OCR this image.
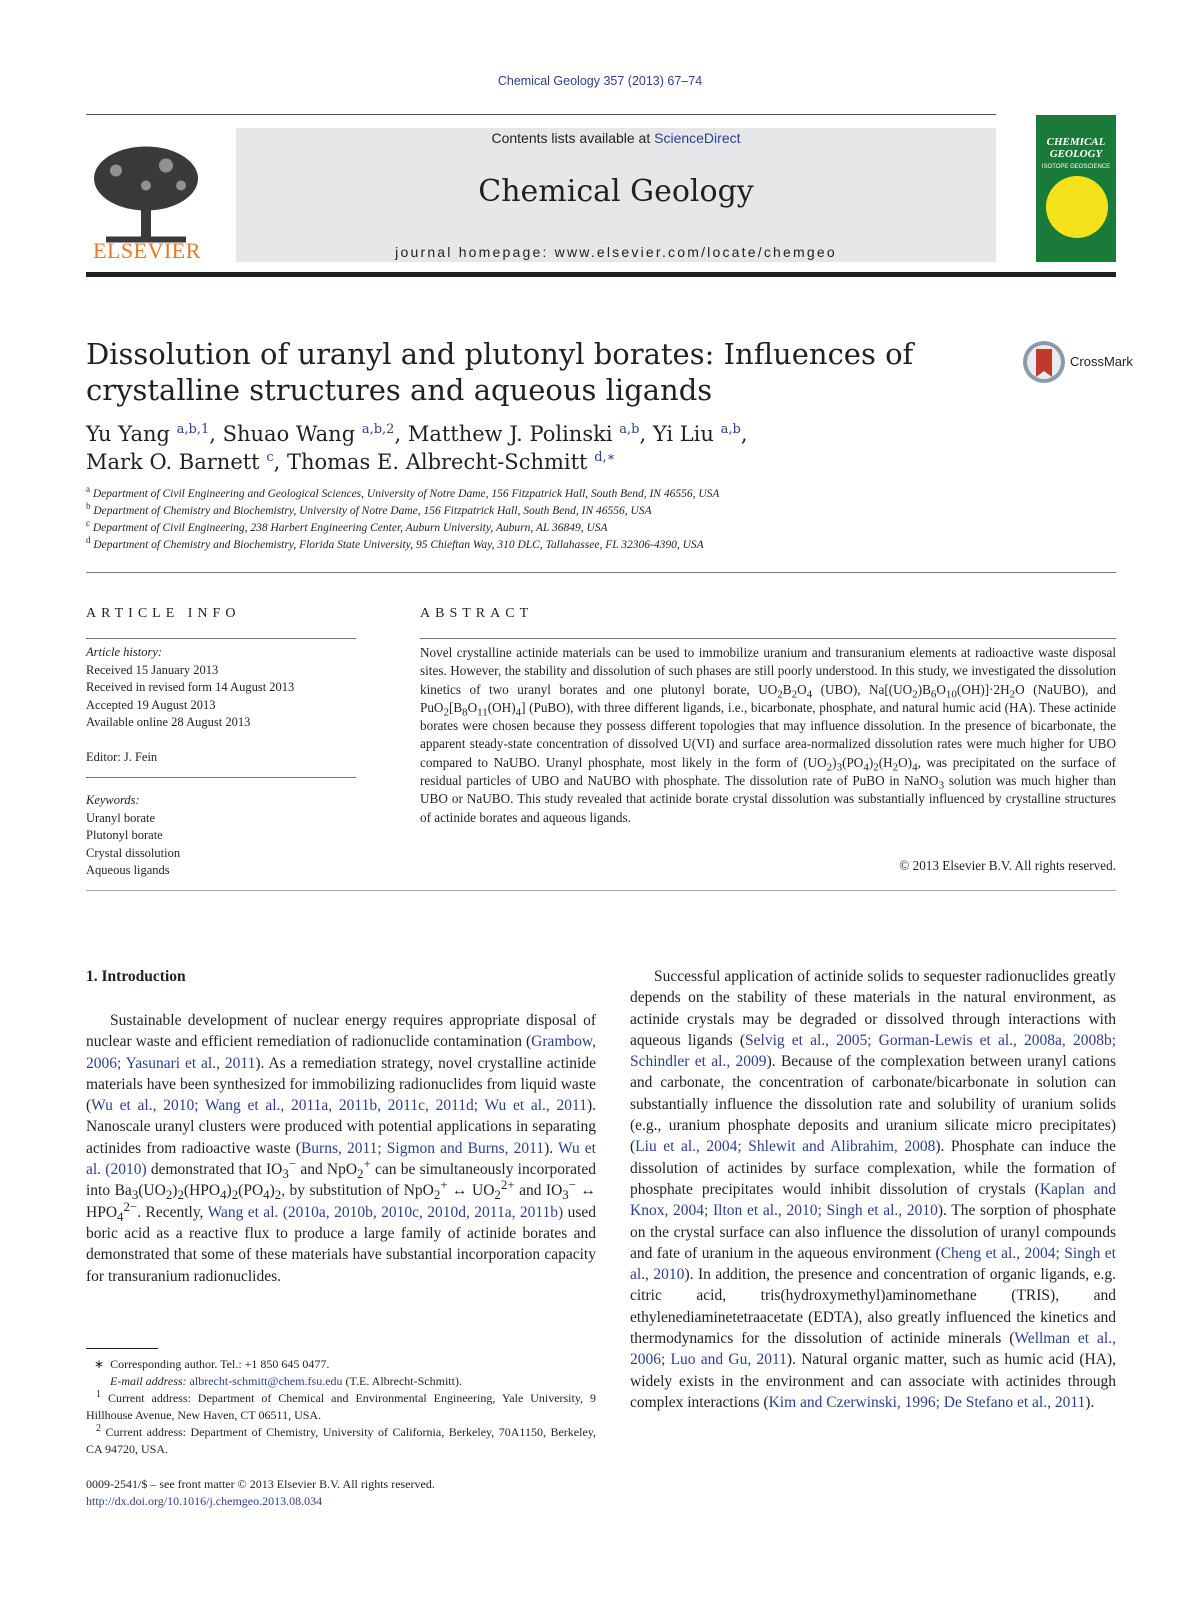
Chemical Geology 357 (2013) 67–74
ELSEVIER
Contents lists available at ScienceDirect
Chemical Geology
journal homepage: www.elsevier.com/locate/chemgeo
CHEMICAL GEOLOGY
ISOTOPE GEOSCIENCE
Dissolution of uranyl and plutonyl borates: Influences of crystalline structures and aqueous ligands
CrossMark
Yu Yang $^{a,b,1}$, Shuao Wang $^{a,b,2}$, Matthew J. Polinski $^{a,b}$, Yi Liu $^{a,b}$,
Mark O. Barnett $^c$, Thomas E. Albrecht-Schmitt $^{d,∗}$
$^a$ Department of Civil Engineering and Geological Sciences, University of Notre Dame, 156 Fitzpatrick Hall, South Bend, IN 46556, USA
$^b$ Department of Chemistry and Biochemistry, University of Notre Dame, 156 Fitzpatrick Hall, South Bend, IN 46556, USA
$^c$ Department of Civil Engineering, 238 Harbert Engineering Center, Auburn University, Auburn, AL 36849, USA
$^d$ Department of Chemistry and Biochemistry, Florida State University, 95 Chieftan Way, 310 DLC, Tallahassee, FL 32306-4390, USA
ARTICLE INFO	ABSTRACT
Article history:
Received 15 January 2013
Received in revised form 14 August 2013
Accepted 19 August 2013
Available online 28 August 2013
Editor: J. Fein
Keywords:
Uranyl borate
Plutonyl borate
Crystal dissolution
Aqueous ligands
Novel crystalline actinide materials can be used to immobilize uranium and transuranium elements at radioactive waste disposal sites. However, the stability and dissolution of such phases are still poorly understood. In this study, we investigated the dissolution kinetics of two uranyl borates and one plutonyl borate, $UO_2B_2O_4$ (UBO), $Na[(UO_2)B_6O_{10}(OH)]\cdot 2H_2O$ (NaUBO), and $PuO_2[B_8O_{11}(OH)_4]$ (PuBO), with three different ligands, i.e., bicarbonate, phosphate, and natural humic acid (HA). These actinide borates were chosen because they possess different topologies that may influence dissolution. In the presence of bicarbonate, the apparent steady-state concentration of dissolved U(VI) and surface area-normalized dissolution rates were much higher for UBO compared to NaUBO. Uranyl phosphate, most likely in the form of $(UO_2)_3(PO_4)_2(H_2O)_4$, was precipitated on the surface of residual particles of UBO and NaUBO with phosphate. The dissolution rate of PuBO in NaNO$_3$ solution was much higher than UBO or NaUBO. This study revealed that actinide borate crystal dissolution was substantially influenced by crystalline structures of actinide borates and aqueous ligands.
© 2013 Elsevier B.V. All rights reserved.
1. Introduction

Sustainable development of nuclear energy requires appropriate disposal of nuclear waste and efficient remediation of radionuclide contamination (Grambow, 2006; Yasunari et al., 2011). As a remediation strategy, novel crystalline actinide materials have been synthesized for immobilizing radionuclides from liquid waste (Wu et al., 2010; Wang et al., 2011a, 2011b, 2011c, 2011d; Wu et al., 2011). Nanoscale uranyl clusters were produced with potential applications in separating actinides from radioactive waste (Burns, 2011; Sigmon and Burns, 2011). Wu et al. (2010) demonstrated that $IO_3^-$ and NpO$_2$+ can be simultaneously incorporated into $Ba_3(UO_2)_2(HPO_4)_2(PO_4)_2$, by substitution of NpO$_2$+ ↔ $UO_2^{2+}$ and $IO_3^-$ ↔ $HPO_4^{2-}$. Recently, Wang et al. (2010a, 2010b, 2010c, 2010d, 2011a, 2011b) used boric acid as a reactive flux to produce a large family of actinide borates and demonstrated that some of these materials have substantial incorporation capacity for transuranium radionuclides.

∗  Corresponding author. Tel.: +1 850 645 0477.

E-mail address: albrecht-schmitt@chem.fsu.edu (T.E. Albrecht-Schmitt).

$^1$ Current address: Department of Chemical and Environmental Engineering, Yale University, 9 Hillhouse Avenue, New Haven, CT 06511, USA.

$^2$ Current address: Department of Chemistry, University of California, Berkeley, 70A1150, Berkeley, CA 94720, USA.

0009-2541/$ – see front matter © 2013 Elsevier B.V. All rights reserved.
http://dx.doi.org/10.1016/j.chemgeo.2013.08.034

Successful application of actinide solids to sequester radionuclides greatly depends on the stability of these materials in the natural environment, as actinide crystals may be degraded or dissolved through interactions with aqueous ligands (Selvig et al., 2005; Gorman-Lewis et al., 2008a, 2008b; Schindler et al., 2009). Because of the complexation between uranyl cations and carbonate, the concentration of carbonate/bicarbonate in solution can substantially influence the dissolution rate and solubility of uranium solids (e.g., uranium phosphate deposits and uranium silicate micro precipitates) (Liu et al., 2004; Shlewit and Alibrahim, 2008). Phosphate can induce the dissolution of actinides by surface complexation, while the formation of phosphate precipitates would inhibit dissolution of crystals (Kaplan and Knox, 2004; Ilton et al., 2010; Singh et al., 2010). The sorption of phosphate on the crystal surface can also influence the dissolution of uranyl compounds and fate of uranium in the aqueous environment (Cheng et al., 2004; Singh et al., 2010). In addition, the presence and concentration of organic ligands, e.g. citric acid, tris(hydroxymethyl)aminomethane (TRIS), and ethylenediaminetetraacetate (EDTA), also greatly influenced the kinetics and thermodynamics for the dissolution of actinide minerals (Wellman et al., 2006; Luo and Gu, 2011). Natural organic matter, such as humic acid (HA), widely exists in the environment and can associate with actinides through complex interactions (Kim and Czerwinski, 1996; De Stefano et al., 2011).
